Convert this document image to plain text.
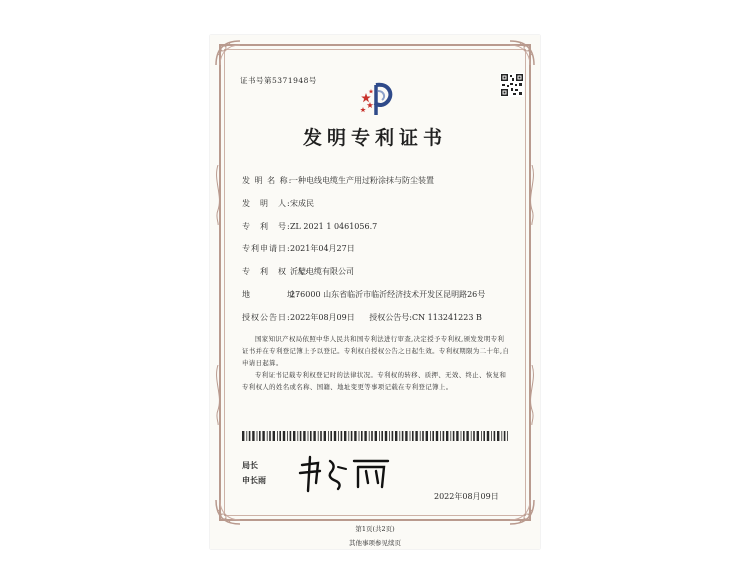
证书号第5371948号
发明专利证书
发 明 名 称:一种电线电缆生产用过粉涂抹与防尘装置
发　明　人:宋成民
专　利　号:ZL 2021 1 0461056.7
专利申请日:2021年04月27日
专　利　权　人:沂蒙电缆有限公司
地　　　　址:276000 山东省临沂市临沂经济技术开发区昆明路26号
授权公告日:2022年08月09日 授权公告号:CN 113241223 B
国家知识产权局依照中华人民共和国专利法进行审查,决定授予专利权,颁发发明专利证书并在专利登记簿上予以登记。专利权自授权公告之日起生效。专利权期限为二十年,自申请日起算。
专利证书记载专利权登记时的法律状况。专利权的转移、质押、无效、终止、恢复和专利权人的姓名或名称、国籍、地址变更等事项记载在专利登记簿上。
局长
申长雨
2022年08月09日
第1页(共2页)
其他事项参见续页
